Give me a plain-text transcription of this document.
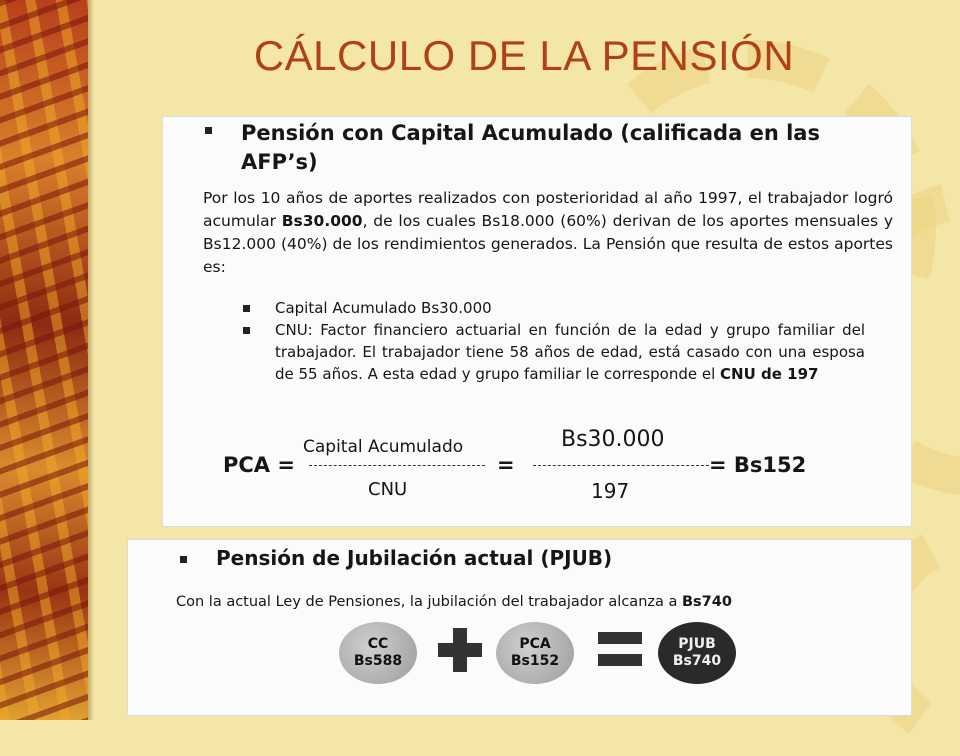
CÁLCULO DE LA PENSIÓN
Pensión con Capital Acumulado (calificada en las AFP’s)
Por los 10 años de aportes realizados con posterioridad al año 1997, el trabajador logró acumular Bs30.000, de los cuales Bs18.000 (60%) derivan de los aportes mensuales y Bs12.000 (40%) de los rendimientos generados. La Pensión que resulta de estos aportes es:
Capital Acumulado Bs30.000
CNU: Factor financiero actuarial en función de la edad y grupo familiar del trabajador. El trabajador tiene 58 años de edad, está casado con una esposa de 55 años. A esta edad y grupo familiar le corresponde el CNU de 197
PCA =
Capital Acumulado
CNU
=
Bs30.000
197
= Bs152
Pensión de Jubilación actual (PJUB)
Con la actual Ley de Pensiones, la jubilación del trabajador alcanza a Bs740
CC
Bs588
PCA
Bs152
PJUB
Bs740
